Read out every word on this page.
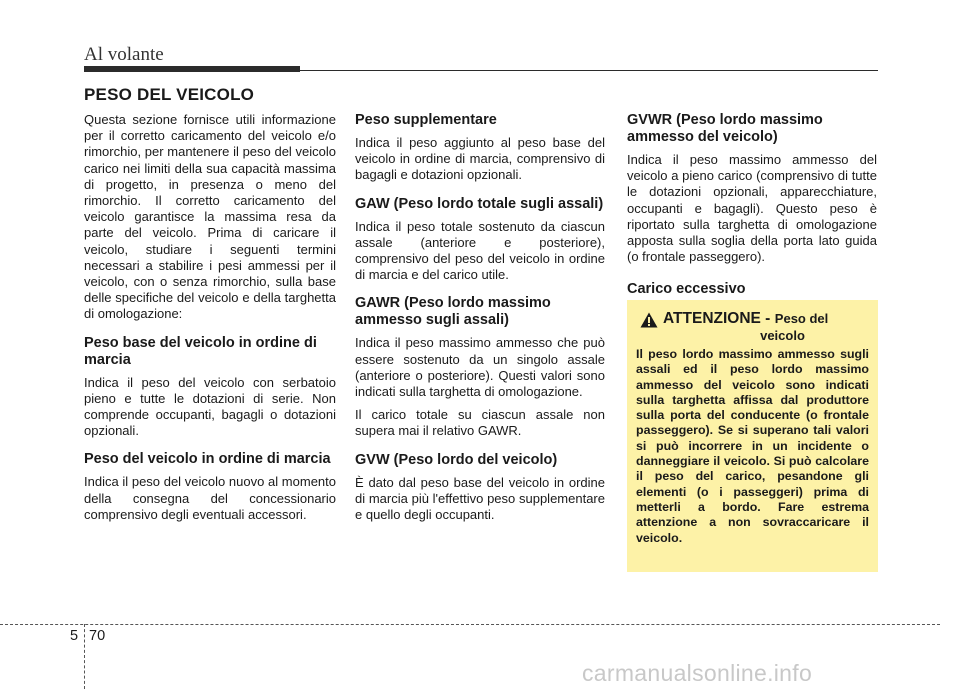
Al volante
PESO DEL VEICOLO

Questa sezione fornisce utili informazione per il corretto caricamento del veicolo e/o rimorchio, per mantenere il peso del veicolo carico nei limiti della sua capacità massima di progetto, in presenza o meno del rimorchio. Il corretto caricamento del veicolo garantisce la massima resa da parte del veicolo. Prima di caricare il veicolo, studiare i seguenti termini necessari a stabilire i pesi ammessi per il veicolo, con o senza rimorchio, sulla base delle specifiche del veicolo e della targhetta di omologazione:

Peso base del veicolo in ordine di marcia

Indica il peso del veicolo con serbatoio pieno e tutte le dotazioni di serie. Non comprende occupanti, bagagli o dotazioni opzionali.

Peso del veicolo in ordine di marcia

Indica il peso del veicolo nuovo al momento della consegna del concessionario comprensivo degli eventuali accessori.

Peso supplementare

Indica il peso aggiunto al peso base del veicolo in ordine di marcia, comprensivo di bagagli e dotazioni opzionali.

GAW (Peso lordo totale sugli assali)

Indica il peso totale sostenuto da ciascun assale (anteriore e posteriore), comprensivo del peso del veicolo in ordine di marcia e del carico utile.

GAWR (Peso lordo massimo ammesso sugli assali)

Indica il peso massimo ammesso che può essere sostenuto da un singolo assale (anteriore o posteriore). Questi valori sono indicati sulla targhetta di omologazione.

Il carico totale su ciascun assale non supera mai il relativo GAWR.

GVW (Peso lordo del veicolo)

È dato dal peso base del veicolo in ordine di marcia più l'effettivo peso supplementare e quello degli occupanti.

GVWR (Peso lordo massimo ammesso del veicolo)

Indica il peso massimo ammesso del veicolo a pieno carico (comprensivo di tutte le dotazioni opzionali, apparecchiature, occupanti e bagagli). Questo peso è riportato sulla targhetta di omologazione apposta sulla soglia della porta lato guida (o frontale passeggero).

Carico eccessivo
ATTENZIONE - Peso del
veicolo
Il peso lordo massimo ammesso sugli assali ed il peso lordo massimo ammesso del veicolo sono indicati sulla targhetta affissa dal produttore sulla porta del conducente (o frontale passeggero). Se si superano tali valori si può incorrere in un incidente o danneggiare il veicolo. Si può calcolare il peso del carico, pesandone gli elementi (o i passeggeri) prima di metterli a bordo. Fare estrema attenzione a non sovraccaricare il veicolo.
5 70
carmanualsonline.info
